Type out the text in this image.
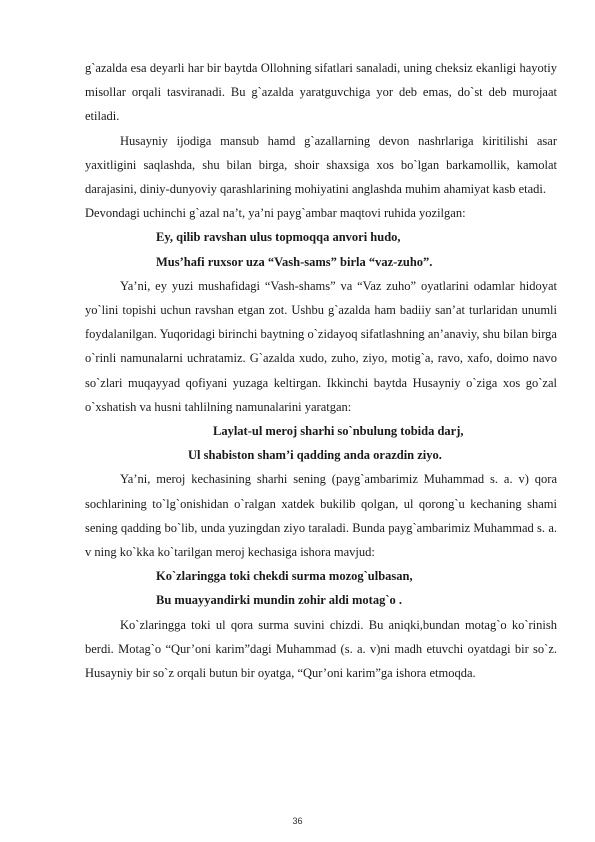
g`azalda esa deyarli har bir baytda Ollohning sifatlari sanaladi, uning cheksiz ekanligi hayotiy misollar orqali tasviranadi. Bu g`azalda yaratguvchiga yor deb emas, do`st deb murojaat etiladi.

Husayniy ijodiga mansub hamd g`azallarning devon nashrlariga kiritilishi asar yaxitligini saqlashda, shu bilan birga, shoir shaxsiga xos bo`lgan barkamollik, kamolat darajasini, diniy-dunyoviy qarashlarining mohiyatini anglashda muhim ahamiyat kasb etadi.

Devondagi uchinchi g`azal na’t, ya’ni payg`ambar maqtovi ruhida yozilgan:

Ey, qilib ravshan ulus topmoqqa anvori hudo,

Mus’hafi ruxsor uza “Vash-sams” birla “vaz-zuho”.

Ya’ni, ey yuzi mushafidagi “Vash-shams” va “Vaz zuho” oyatlarini odamlar hidoyat yo`lini topishi uchun ravshan etgan zot. Ushbu g`azalda ham badiiy san’at turlaridan unumli foydalanilgan. Yuqoridagi birinchi baytning o`zidayoq sifatlashning an’anaviy, shu bilan birga o`rinli namunalarni uchratamiz. G`azalda xudo, zuho, ziyo, motig`a, ravo, xafo, doimo navo so`zlari muqayyad qofiyani yuzaga keltirgan. Ikkinchi baytda Husayniy o`ziga xos go`zal o`xshatish va husni tahlilning namunalarini yaratgan:

Laylat-ul meroj sharhi so`nbulung tobida darj,

Ul shabiston sham’i qadding anda orazdin ziyo.

Ya’ni, meroj kechasining sharhi sening (payg`ambarimiz Muhammad s. a. v) qora sochlarining to`lg`onishidan o`ralgan xatdek bukilib qolgan, ul qorong`u kechaning shami sening qadding bo`lib, unda yuzingdan ziyo taraladi. Bunda payg`ambarimiz Muhammad s. a. v ning ko`kka ko`tarilgan meroj kechasiga ishora mavjud:

Ko`zlaringga toki chekdi surma mozog`ulbasan,

Bu muayyandirki mundin zohir aldi motag`o .

Ko`zlaringga toki ul qora surma suvini chizdi. Bu aniqki,bundan motag`o ko`rinish berdi. Motag`o “Qur’oni karim”dagi Muhammad (s. a. v)ni madh etuvchi oyatdagi bir so`z. Husayniy bir so`z orqali butun bir oyatga, “Qur’oni karim”ga ishora etmoqda.

36
